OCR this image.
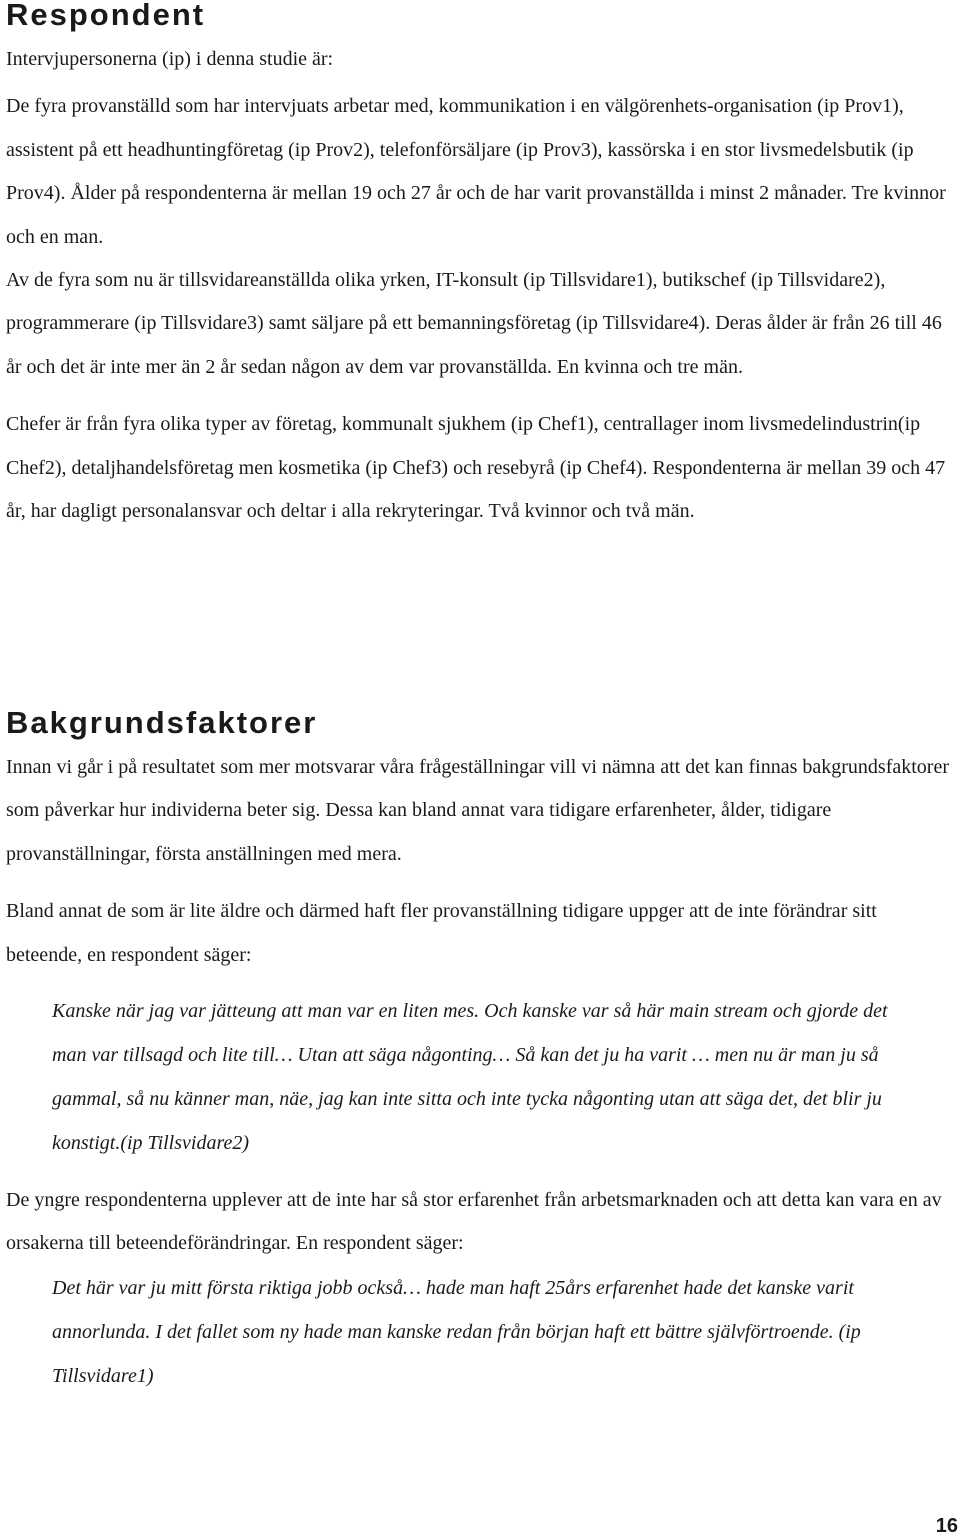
Respondent

Intervjupersonerna (ip) i denna studie är:

De fyra provanställd som har intervjuats arbetar med, kommunikation i en välgörenhets-organisation (ip Prov1), assistent på ett headhuntingföretag (ip Prov2), telefonförsäljare (ip Prov3), kassörska i en stor livsmedelsbutik (ip Prov4). Ålder på respondenterna är mellan 19 och 27 år och de har varit provanställda i minst 2 månader. Tre kvinnor och en man.

Av de fyra som nu är tillsvidareanställda olika yrken, IT-konsult (ip Tillsvidare1), butikschef (ip Tillsvidare2), programmerare (ip Tillsvidare3) samt säljare på ett bemanningsföretag (ip Tillsvidare4). Deras ålder är från 26 till 46 år och det är inte mer än 2 år sedan någon av dem var provanställda. En kvinna och tre män.

Chefer är från fyra olika typer av företag, kommunalt sjukhem (ip Chef1), centrallager inom livsmedelindustrin(ip Chef2), detaljhandelsföretag men kosmetika (ip Chef3) och resebyrå (ip Chef4). Respondenterna är mellan 39 och 47 år, har dagligt personalansvar och deltar i alla rekryteringar. Två kvinnor och två män.

Bakgrundsfaktorer

Innan vi går i på resultatet som mer motsvarar våra frågeställningar vill vi nämna att det kan finnas bakgrundsfaktorer som påverkar hur individerna beter sig. Dessa kan bland annat vara tidigare erfarenheter, ålder, tidigare provanställningar, första anställningen med mera.

Bland annat de som är lite äldre och därmed haft fler provanställning tidigare uppger att de inte förändrar sitt beteende, en respondent säger:

Kanske när jag var jätteung att man var en liten mes. Och kanske var så här main stream och gjorde det man var tillsagd och lite till… Utan att säga någonting… Så kan det ju ha varit … men nu är man ju så gammal, så nu känner man, näe, jag kan inte sitta och inte tycka någonting utan att säga det, det blir ju konstigt.(ip Tillsvidare2)

De yngre respondenterna upplever att de inte har så stor erfarenhet från arbetsmarknaden och att detta kan vara en av orsakerna till beteendeförändringar. En respondent säger:

Det här var ju mitt första riktiga jobb också… hade man haft 25års erfarenhet hade det kanske varit annorlunda. I det fallet som ny hade man kanske redan från början haft ett bättre självförtroende. (ip Tillsvidare1)

16
